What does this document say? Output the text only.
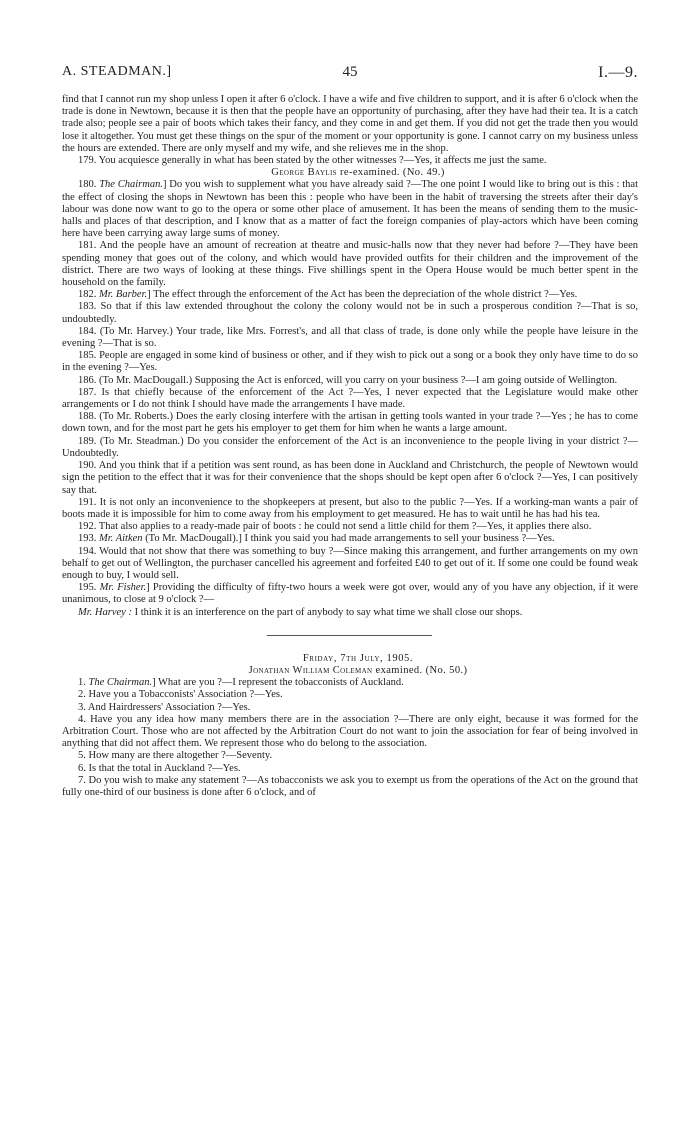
A. STEADMAN.]	45	I.—9.

find that I cannot run my shop unless I open it after 6 o'clock. I have a wife and five children to support, and it is after 6 o'clock when the trade is done in Newtown, because it is then that the people have an opportunity of purchasing, after they have had their tea. It is a catch trade also; people see a pair of boots which takes their fancy, and they come in and get them. If you did not get the trade then you would lose it altogether. You must get these things on the spur of the moment or your opportunity is gone. I cannot carry on my business unless the hours are extended. There are only myself and my wife, and she relieves me in the shop.

179. You acquiesce generally in what has been stated by the other witnesses ?—Yes, it affects me just the same.

George Baylis re-examined. (No. 49.)

180. The Chairman.] Do you wish to supplement what you have already said ?—The one point I would like to bring out is this : that the effect of closing the shops in Newtown has been this : people who have been in the habit of traversing the streets after their day's labour was done now want to go to the opera or some other place of amusement. It has been the means of sending them to the music-halls and places of that description, and I know that as a matter of fact the foreign companies of play-actors which have been coming here have been carrying away large sums of money.

181. And the people have an amount of recreation at theatre and music-halls now that they never had before ?—They have been spending money that goes out of the colony, and which would have provided outfits for their children and the improvement of the district. There are two ways of looking at these things. Five shillings spent in the Opera House would be much better spent in the household on the family.

182. Mr. Barber.] The effect through the enforcement of the Act has been the depreciation of the whole district ?—Yes.

183. So that if this law extended throughout the colony the colony would not be in such a prosperous condition ?—That is so, undoubtedly.

184. (To Mr. Harvey.) Your trade, like Mrs. Forrest's, and all that class of trade, is done only while the people have leisure in the evening ?—That is so.

185. People are engaged in some kind of business or other, and if they wish to pick out a song or a book they only have time to do so in the evening ?—Yes.

186. (To Mr. MacDougall.) Supposing the Act is enforced, will you carry on your business ?—I am going outside of Wellington.

187. Is that chiefly because of the enforcement of the Act ?—Yes, I never expected that the Legislature would make other arrangements or I do not think I should have made the arrangements I have made.

188. (To Mr. Roberts.) Does the early closing interfere with the artisan in getting tools wanted in your trade ?—Yes ; he has to come down town, and for the most part he gets his employer to get them for him when he wants a large amount.

189. (To Mr. Steadman.) Do you consider the enforcement of the Act is an inconvenience to the people living in your district ?—Undoubtedly.

190. And you think that if a petition was sent round, as has been done in Auckland and Christchurch, the people of Newtown would sign the petition to the effect that it was for their convenience that the shops should be kept open after 6 o'clock ?—Yes, I can positively say that.

191. It is not only an inconvenience to the shopkeepers at present, but also to the public ?—Yes. If a working-man wants a pair of boots made it is impossible for him to come away from his employment to get measured. He has to wait until he has had his tea.

192. That also applies to a ready-made pair of boots : he could not send a little child for them ?—Yes, it applies there also.

193. Mr. Aitken (To Mr. MacDougall).] I think you said you had made arrangements to sell your business ?—Yes.

194. Would that not show that there was something to buy ?—Since making this arrangement, and further arrangements on my own behalf to get out of Wellington, the purchaser cancelled his agreement and forfeited £40 to get out of it. If some one could be found weak enough to buy, I would sell.

195. Mr. Fisher.] Providing the difficulty of fifty-two hours a week were got over, would any of you have any objection, if it were unanimous, to close at 9 o'clock ?—

Mr. Harvey : I think it is an interference on the part of anybody to say what time we shall close our shops.

Friday, 7th July, 1905.

Jonathan William Coleman examined. (No. 50.)

1. The Chairman.] What are you ?—I represent the tobacconists of Auckland.

2. Have you a Tobacconists' Association ?—Yes.

3. And Hairdressers' Association ?—Yes.

4. Have you any idea how many members there are in the association ?—There are only eight, because it was formed for the Arbitration Court. Those who are not affected by the Arbitration Court do not want to join the association for fear of being involved in anything that did not affect them. We represent those who do belong to the association.

5. How many are there altogether ?—Seventy.

6. Is that the total in Auckland ?—Yes.

7. Do you wish to make any statement ?—As tobacconists we ask you to exempt us from the operations of the Act on the ground that fully one-third of our business is done after 6 o'clock, and of
